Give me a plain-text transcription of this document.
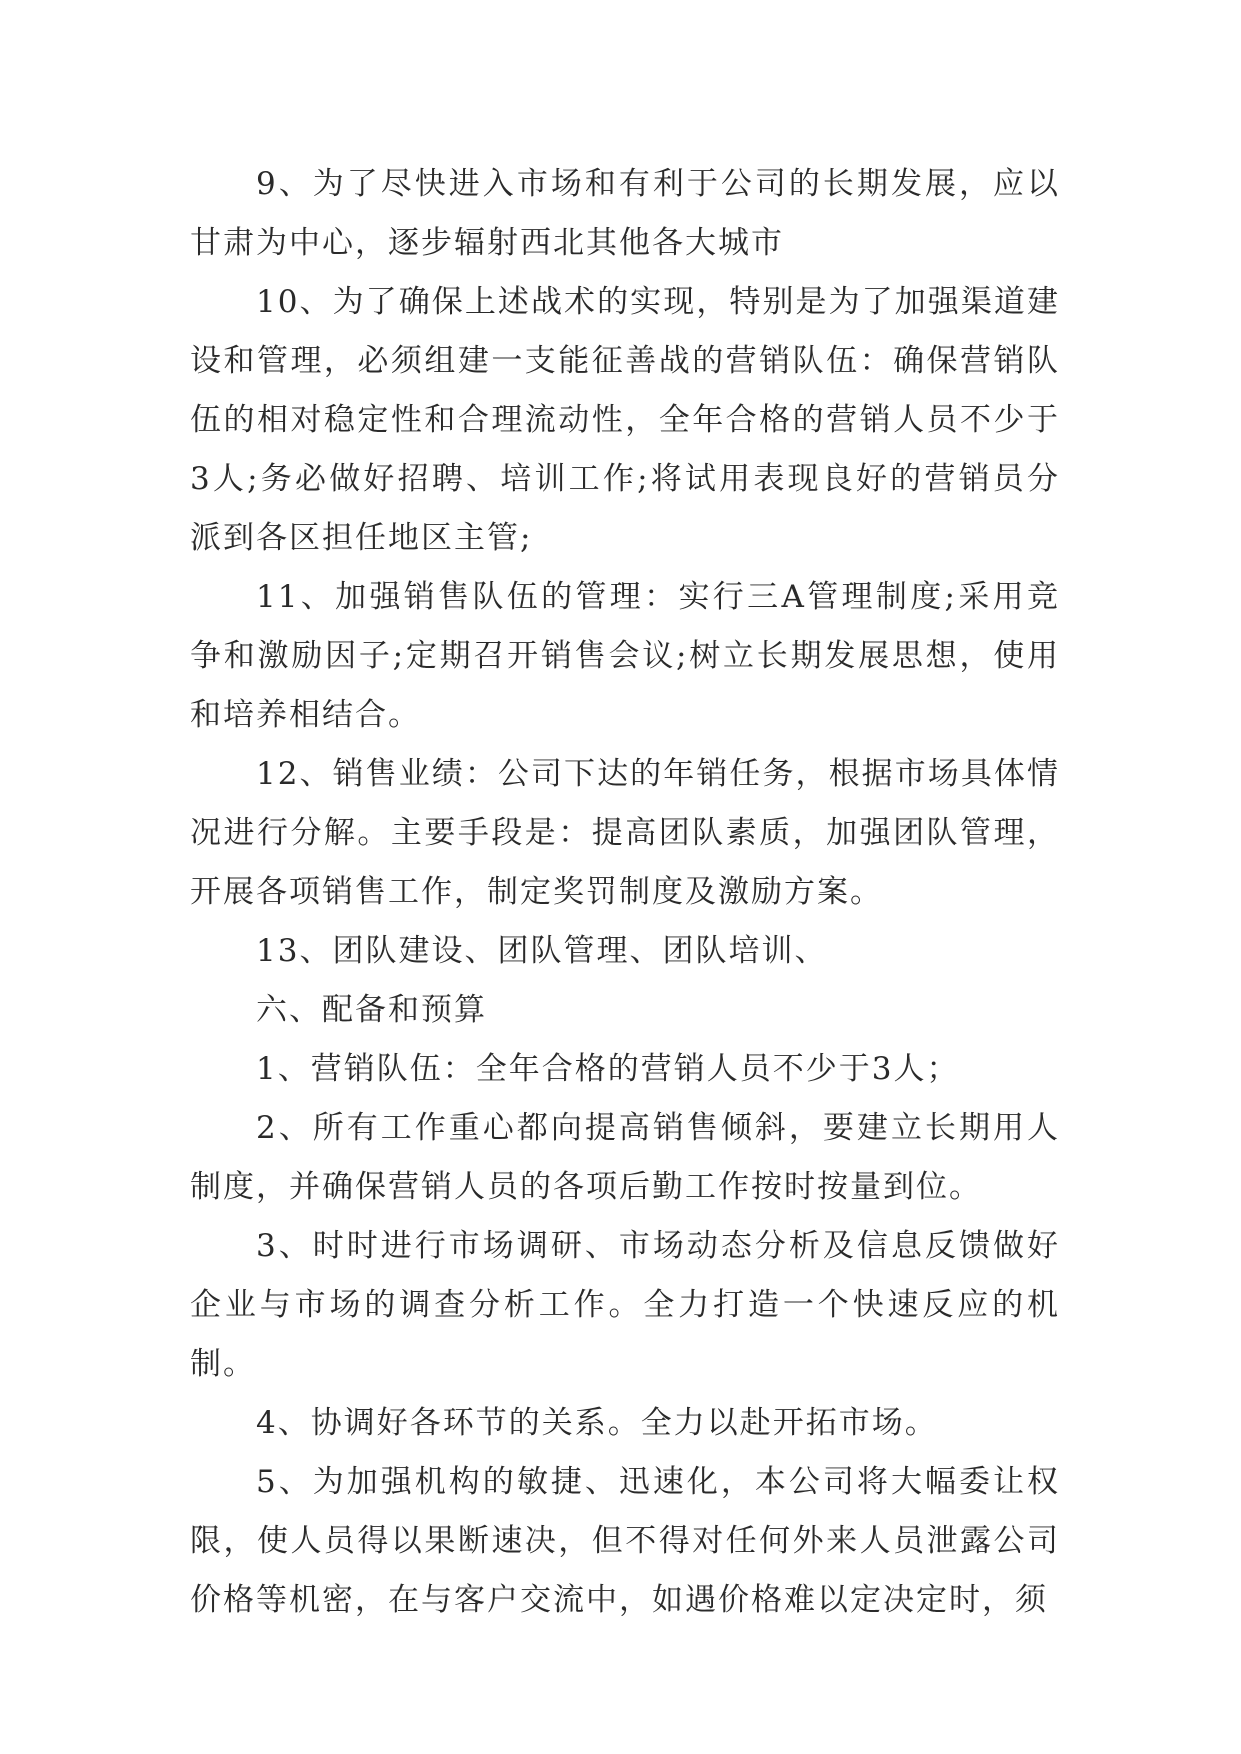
9、为了尽快进入市场和有利于公司的长期发展，应以甘肃为中心，逐步辐射西北其他各大城市

10、为了确保上述战术的实现，特别是为了加强渠道建设和管理，必须组建一支能征善战的营销队伍：确保营销队伍的相对稳定性和合理流动性，全年合格的营销人员不少于3人;务必做好招聘、培训工作;将试用表现良好的营销员分派到各区担任地区主管;

11、加强销售队伍的管理：实行三A管理制度;采用竞争和激励因子;定期召开销售会议;树立长期发展思想，使用和培养相结合。

12、销售业绩：公司下达的年销任务，根据市场具体情况进行分解。主要手段是：提高团队素质，加强团队管理，开展各项销售工作，制定奖罚制度及激励方案。

13、团队建设、团队管理、团队培训、

六、配备和预算

1、营销队伍：全年合格的营销人员不少于3人；

2、所有工作重心都向提高销售倾斜，要建立长期用人制度，并确保营销人员的各项后勤工作按时按量到位。

3、时时进行市场调研、市场动态分析及信息反馈做好企业与市场的调查分析工作。全力打造一个快速反应的机制。

4、协调好各环节的关系。全力以赴开拓市场。

5、为加强机构的敏捷、迅速化，本公司将大幅委让权限，使人员得以果断速决，但不得对任何外来人员泄露公司价格等机密，在与客户交流中，如遇价格难以定决定时，须
